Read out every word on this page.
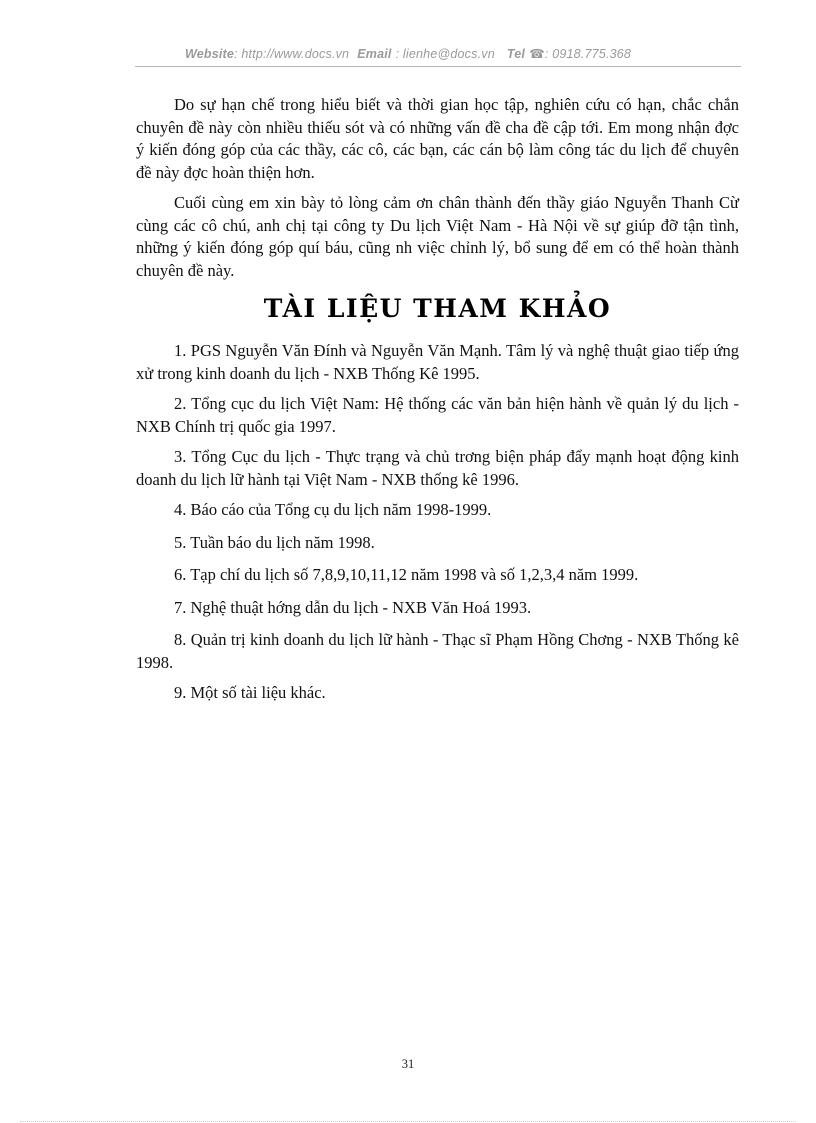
Website: http://www.docs.vn Email : lienhe@docs.vn Tel ☎: 0918.775.368

Do sự hạn chế trong hiểu biết và thời gian học tập, nghiên cứu có hạn, chắc chắn chuyên đề này còn nhiều thiếu sót và có những vấn đề cha đề cập tới. Em mong nhận đợc ý kiến đóng góp của các thầy, các cô, các bạn, các cán bộ làm công tác du lịch để chuyên đề này đợc hoàn thiện hơn.

Cuối cùng em xin bày tỏ lòng cảm ơn chân thành đến thầy giáo Nguyễn Thanh Cừ cùng các cô chú, anh chị tại công ty Du lịch Việt Nam - Hà Nội về sự giúp đỡ tận tình, những ý kiến đóng góp quí báu, cũng nh việc chỉnh lý, bổ sung để em có thể hoàn thành chuyên đề này.

TÀI LIỆU THAM KHẢO

1. PGS Nguyễn Văn Đính và Nguyễn Văn Mạnh. Tâm lý và nghệ thuật giao tiếp ứng xử trong kinh doanh du lịch - NXB Thống Kê 1995.

2. Tổng cục du lịch Việt Nam: Hệ thống các văn bản hiện hành về quản lý du lịch - NXB Chính trị quốc gia 1997.

3. Tổng Cục du lịch - Thực trạng và chủ trơng biện pháp đẩy mạnh hoạt động kinh doanh du lịch lữ hành tại Việt Nam - NXB thống kê 1996.

4. Báo cáo của Tổng cụ du lịch năm 1998-1999.

5. Tuần báo du lịch năm 1998.

6. Tạp chí du lịch số 7,8,9,10,11,12 năm 1998 và số 1,2,3,4 năm 1999.

7. Nghệ thuật hớng dẫn du lịch - NXB Văn Hoá 1993.

8. Quản trị kinh doanh du lịch lữ hành - Thạc sĩ Phạm Hồng Chơng - NXB Thống kê 1998.

9. Một số tài liệu khác.

31
